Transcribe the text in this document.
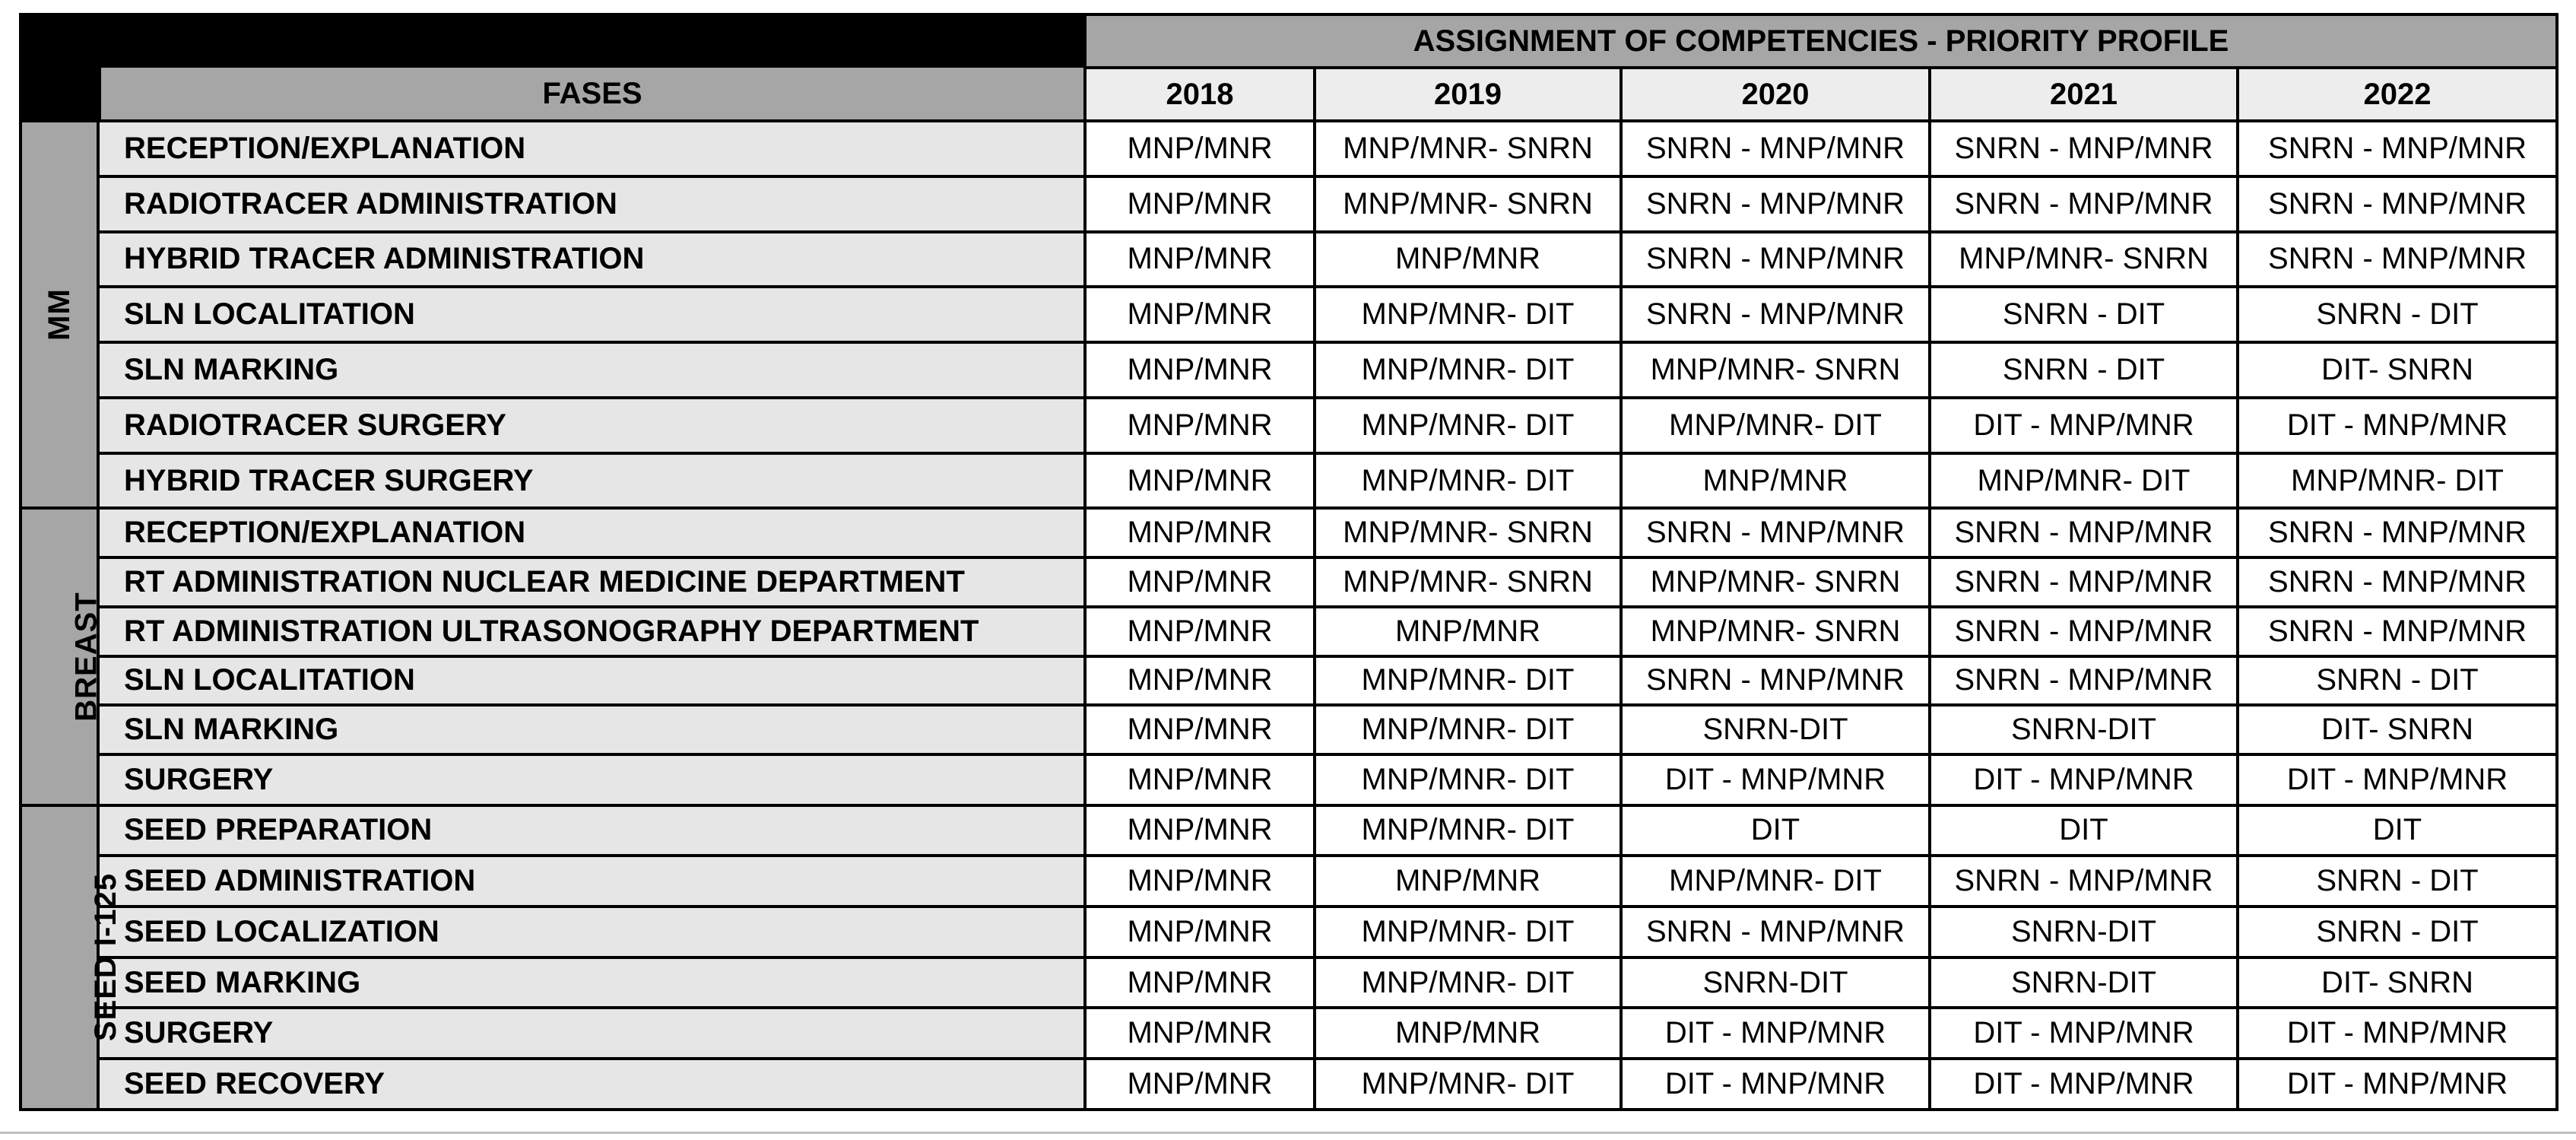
FASES		ASSIGNMENT OF COMPETENCIES - PRIORITY PROFILE				
		2018	2019	2020	2021	2022
MM	RECEPTION/EXPLANATION	MNP/MNR	MNP/MNR- SNRN	SNRN - MNP/MNR	SNRN - MNP/MNR	SNRN - MNP/MNR
	RADIOTRACER ADMINISTRATION	MNP/MNR	MNP/MNR- SNRN	SNRN - MNP/MNR	SNRN - MNP/MNR	SNRN - MNP/MNR
	HYBRID TRACER ADMINISTRATION	MNP/MNR	MNP/MNR	SNRN - MNP/MNR	MNP/MNR- SNRN	SNRN - MNP/MNR
	SLN LOCALITATION	MNP/MNR	MNP/MNR- DIT	SNRN - MNP/MNR	SNRN - DIT	SNRN - DIT
	SLN MARKING	MNP/MNR	MNP/MNR- DIT	MNP/MNR- SNRN	SNRN - DIT	DIT- SNRN
	RADIOTRACER SURGERY	MNP/MNR	MNP/MNR- DIT	MNP/MNR- DIT	DIT - MNP/MNR	DIT - MNP/MNR
	HYBRID TRACER SURGERY	MNP/MNR	MNP/MNR- DIT	MNP/MNR	MNP/MNR- DIT	MNP/MNR- DIT
BREAST	RECEPTION/EXPLANATION	MNP/MNR	MNP/MNR- SNRN	SNRN - MNP/MNR	SNRN - MNP/MNR	SNRN - MNP/MNR
	RT ADMINISTRATION NUCLEAR MEDICINE DEPARTMENT	MNP/MNR	MNP/MNR- SNRN	MNP/MNR- SNRN	SNRN - MNP/MNR	SNRN - MNP/MNR
	RT ADMINISTRATION ULTRASONOGRAPHY DEPARTMENT	MNP/MNR	MNP/MNR	MNP/MNR- SNRN	SNRN - MNP/MNR	SNRN - MNP/MNR
	SLN LOCALITATION	MNP/MNR	MNP/MNR- DIT	SNRN - MNP/MNR	SNRN - MNP/MNR	SNRN - DIT
	SLN MARKING	MNP/MNR	MNP/MNR- DIT	SNRN-DIT	SNRN-DIT	DIT- SNRN
	SURGERY	MNP/MNR	MNP/MNR- DIT	DIT - MNP/MNR	DIT - MNP/MNR	DIT - MNP/MNR
SEED I-125	SEED PREPARATION	MNP/MNR	MNP/MNR- DIT	DIT	DIT	DIT
	SEED ADMINISTRATION	MNP/MNR	MNP/MNR	MNP/MNR- DIT	SNRN - MNP/MNR	SNRN - DIT
	SEED LOCALIZATION	MNP/MNR	MNP/MNR- DIT	SNRN - MNP/MNR	SNRN-DIT	SNRN - DIT
	SEED MARKING	MNP/MNR	MNP/MNR- DIT	SNRN-DIT	SNRN-DIT	DIT- SNRN
	SURGERY	MNP/MNR	MNP/MNR	DIT - MNP/MNR	DIT - MNP/MNR	DIT - MNP/MNR
	SEED RECOVERY	MNP/MNR	MNP/MNR- DIT	DIT - MNP/MNR	DIT - MNP/MNR	DIT - MNP/MNR
